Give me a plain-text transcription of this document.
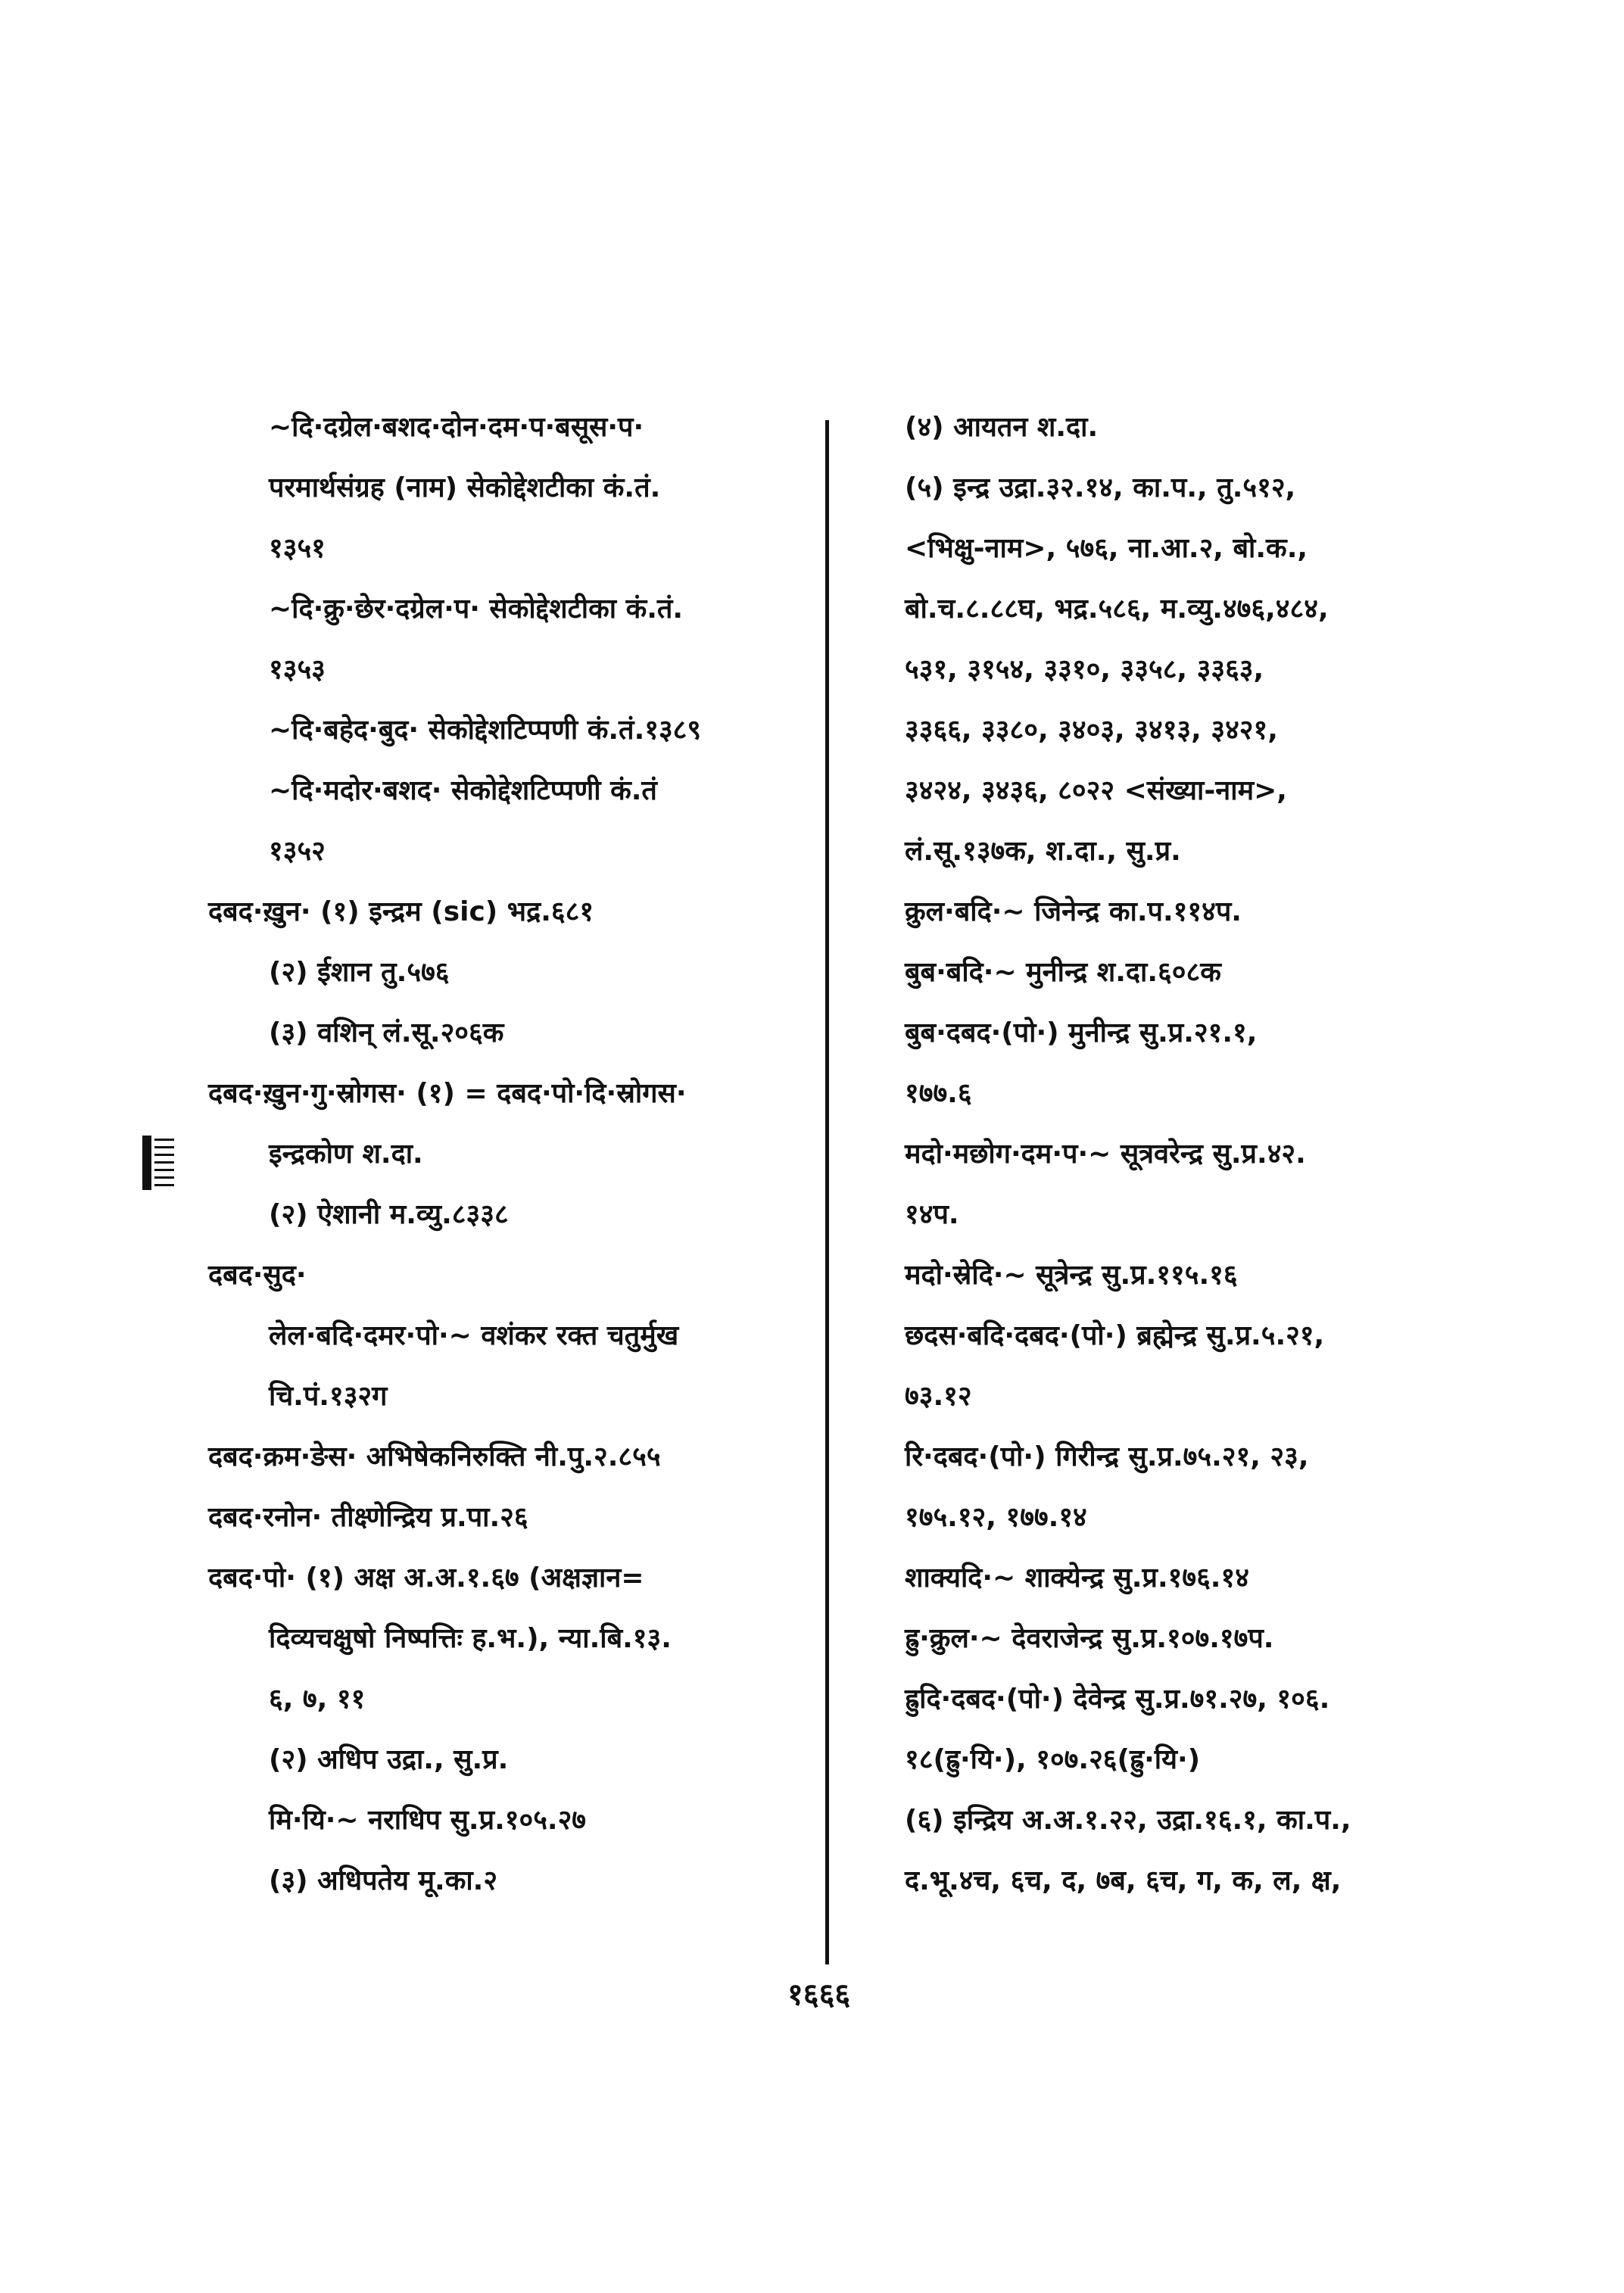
~दि·दग्रेल·बशद·दोन·दम·प·बसूस·प·
परमार्थसंग्रह (नाम) सेकोद्देशटीका कं.तं.
१३५१
~दि·क्रु·छेर·दग्रेल·प· सेकोद्देशटीका कं.तं.
१३५३
~दि·बहेद·बुद· सेकोद्देशटिप्पणी कं.तं.१३८९
~दि·मदोर·बशद· सेकोद्देशटिप्पणी कं.तं
१३५२
दबद·ख़ुन· (१) इन्द्रम (sic) भद्र.६८१
(२) ईशान तु.५७६
(३) वशिन् लं.सू.२०६क
दबद·ख़ुन·गु·स्रोगस· (१) = दबद·पो·दि·स्रोगस·
इन्द्रकोण श.दा.
(२) ऐशानी म.व्यु.८३३८
दबद·सुद·
लेल·बदि·दमर·पो·~ वशंकर रक्त चतुर्मुख
चि.पं.१३२ग
दबद·क्रम·ङेस· अभिषेकनिरुक्ति नी.पु.२.८५५
दबद·रनोन· तीक्ष्णेन्द्रिय प्र.पा.२६
दबद·पो· (१) अक्ष अ.अ.१.६७ (अक्षज्ञान=
दिव्यचक्षुषो निष्पत्तिः ह.भ.), न्या.बि.१३.
६, ७, ११
(२) अधिप उद्रा., सु.प्र.
मि·यि·~ नराधिप सु.प्र.१०५.२७
(३) अधिपतेय मू.का.२
(४) आयतन श.दा.
(५) इन्द्र उद्रा.३२.१४, का.प., तु.५१२,
<भिक्षु-नाम>, ५७६, ना.आ.२, बो.क.,
बो.च.८.८८घ, भद्र.५८६, म.व्यु.४७६,४८४,
५३१, ३१५४, ३३१०, ३३५८, ३३६३,
३३६६, ३३८०, ३४०३, ३४१३, ३४२१,
३४२४, ३४३६, ८०२२ <संख्या-नाम>,
लं.सू.१३७क, श.दा., सु.प्र.
क्रुल·बदि·~ जिनेन्द्र का.प.११४प.
बुब·बदि·~ मुनीन्द्र श.दा.६०८क
बुब·दबद·(पो·) मुनीन्द्र सु.प्र.२१.१,
१७७.६
मदो·मछोग·दम·प·~ सूत्रवरेन्द्र सु.प्र.४२.
१४प.
मदो·स्रेदि·~ सूत्रेन्द्र सु.प्र.११५.१६
छदस·बदि·दबद·(पो·) ब्रह्मेन्द्र सु.प्र.५.२१,
७३.१२
रि·दबद·(पो·) गिरीन्द्र सु.प्र.७५.२१, २३,
१७५.१२, १७७.१४
शाक्यदि·~ शाक्येन्द्र सु.प्र.१७६.१४
ह्रु·क्रुल·~ देवराजेन्द्र सु.प्र.१०७.१७प.
ह्रुदि·दबद·(पो·) देवेन्द्र सु.प्र.७१.२७, १०६.
१८(ह्रु·यि·), १०७.२६(ह्रु·यि·)
(६) इन्द्रिय अ.अ.१.२२, उद्रा.१६.१, का.प.,
द.भू.४च, ६च, द, ७ब, ६च, ग, क, ल, क्ष,
१६६६
